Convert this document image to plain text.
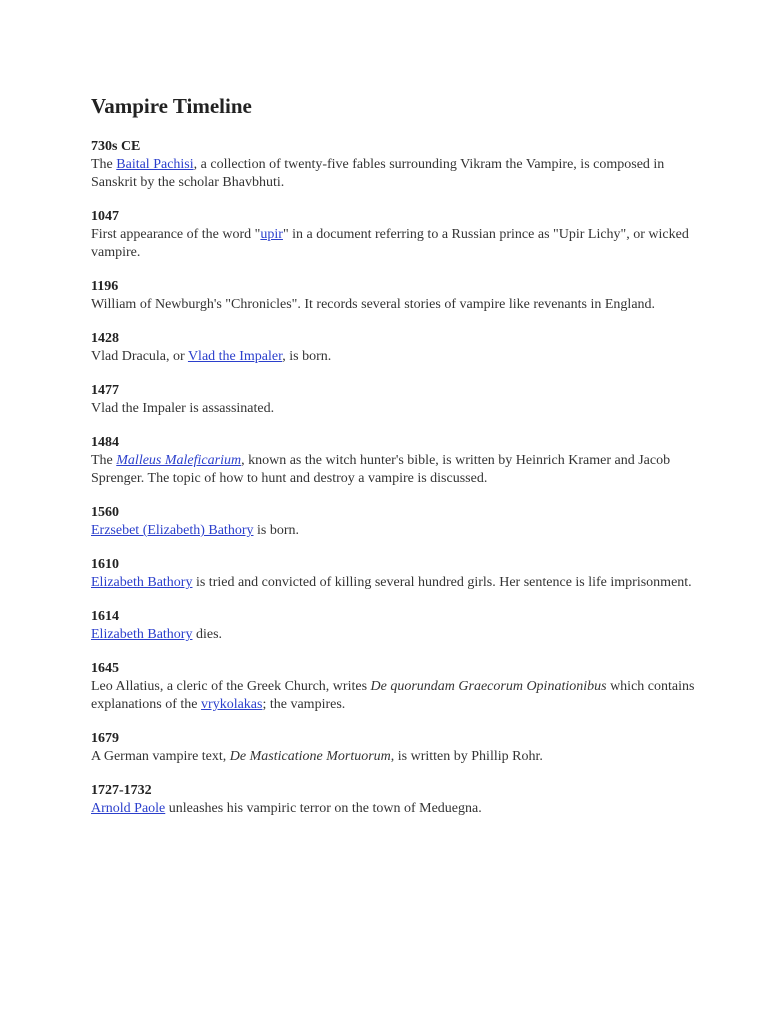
Vampire Timeline

730s CE

The Baital Pachisi, a collection of twenty-five fables surrounding Vikram the Vampire, is composed in Sanskrit by the scholar Bhavbhuti.

1047

First appearance of the word "upir" in a document referring to a Russian prince as "Upir Lichy", or wicked vampire.

1196

William of Newburgh's "Chronicles". It records several stories of vampire like revenants in England.

1428

Vlad Dracula, or Vlad the Impaler, is born.

1477

Vlad the Impaler is assassinated.

1484

The Malleus Maleficarium, known as the witch hunter's bible, is written by Heinrich Kramer and Jacob Sprenger. The topic of how to hunt and destroy a vampire is discussed.

1560

Erzsebet (Elizabeth) Bathory is born.

1610

Elizabeth Bathory is tried and convicted of killing several hundred girls. Her sentence is life imprisonment.

1614

Elizabeth Bathory dies.

1645

Leo Allatius, a cleric of the Greek Church, writes De quorundam Graecorum Opinationibus which contains explanations of the vrykolakas; the vampires.

1679

A German vampire text, De Masticatione Mortuorum, is written by Phillip Rohr.

1727-1732

Arnold Paole unleashes his vampiric terror on the town of Meduegna.
